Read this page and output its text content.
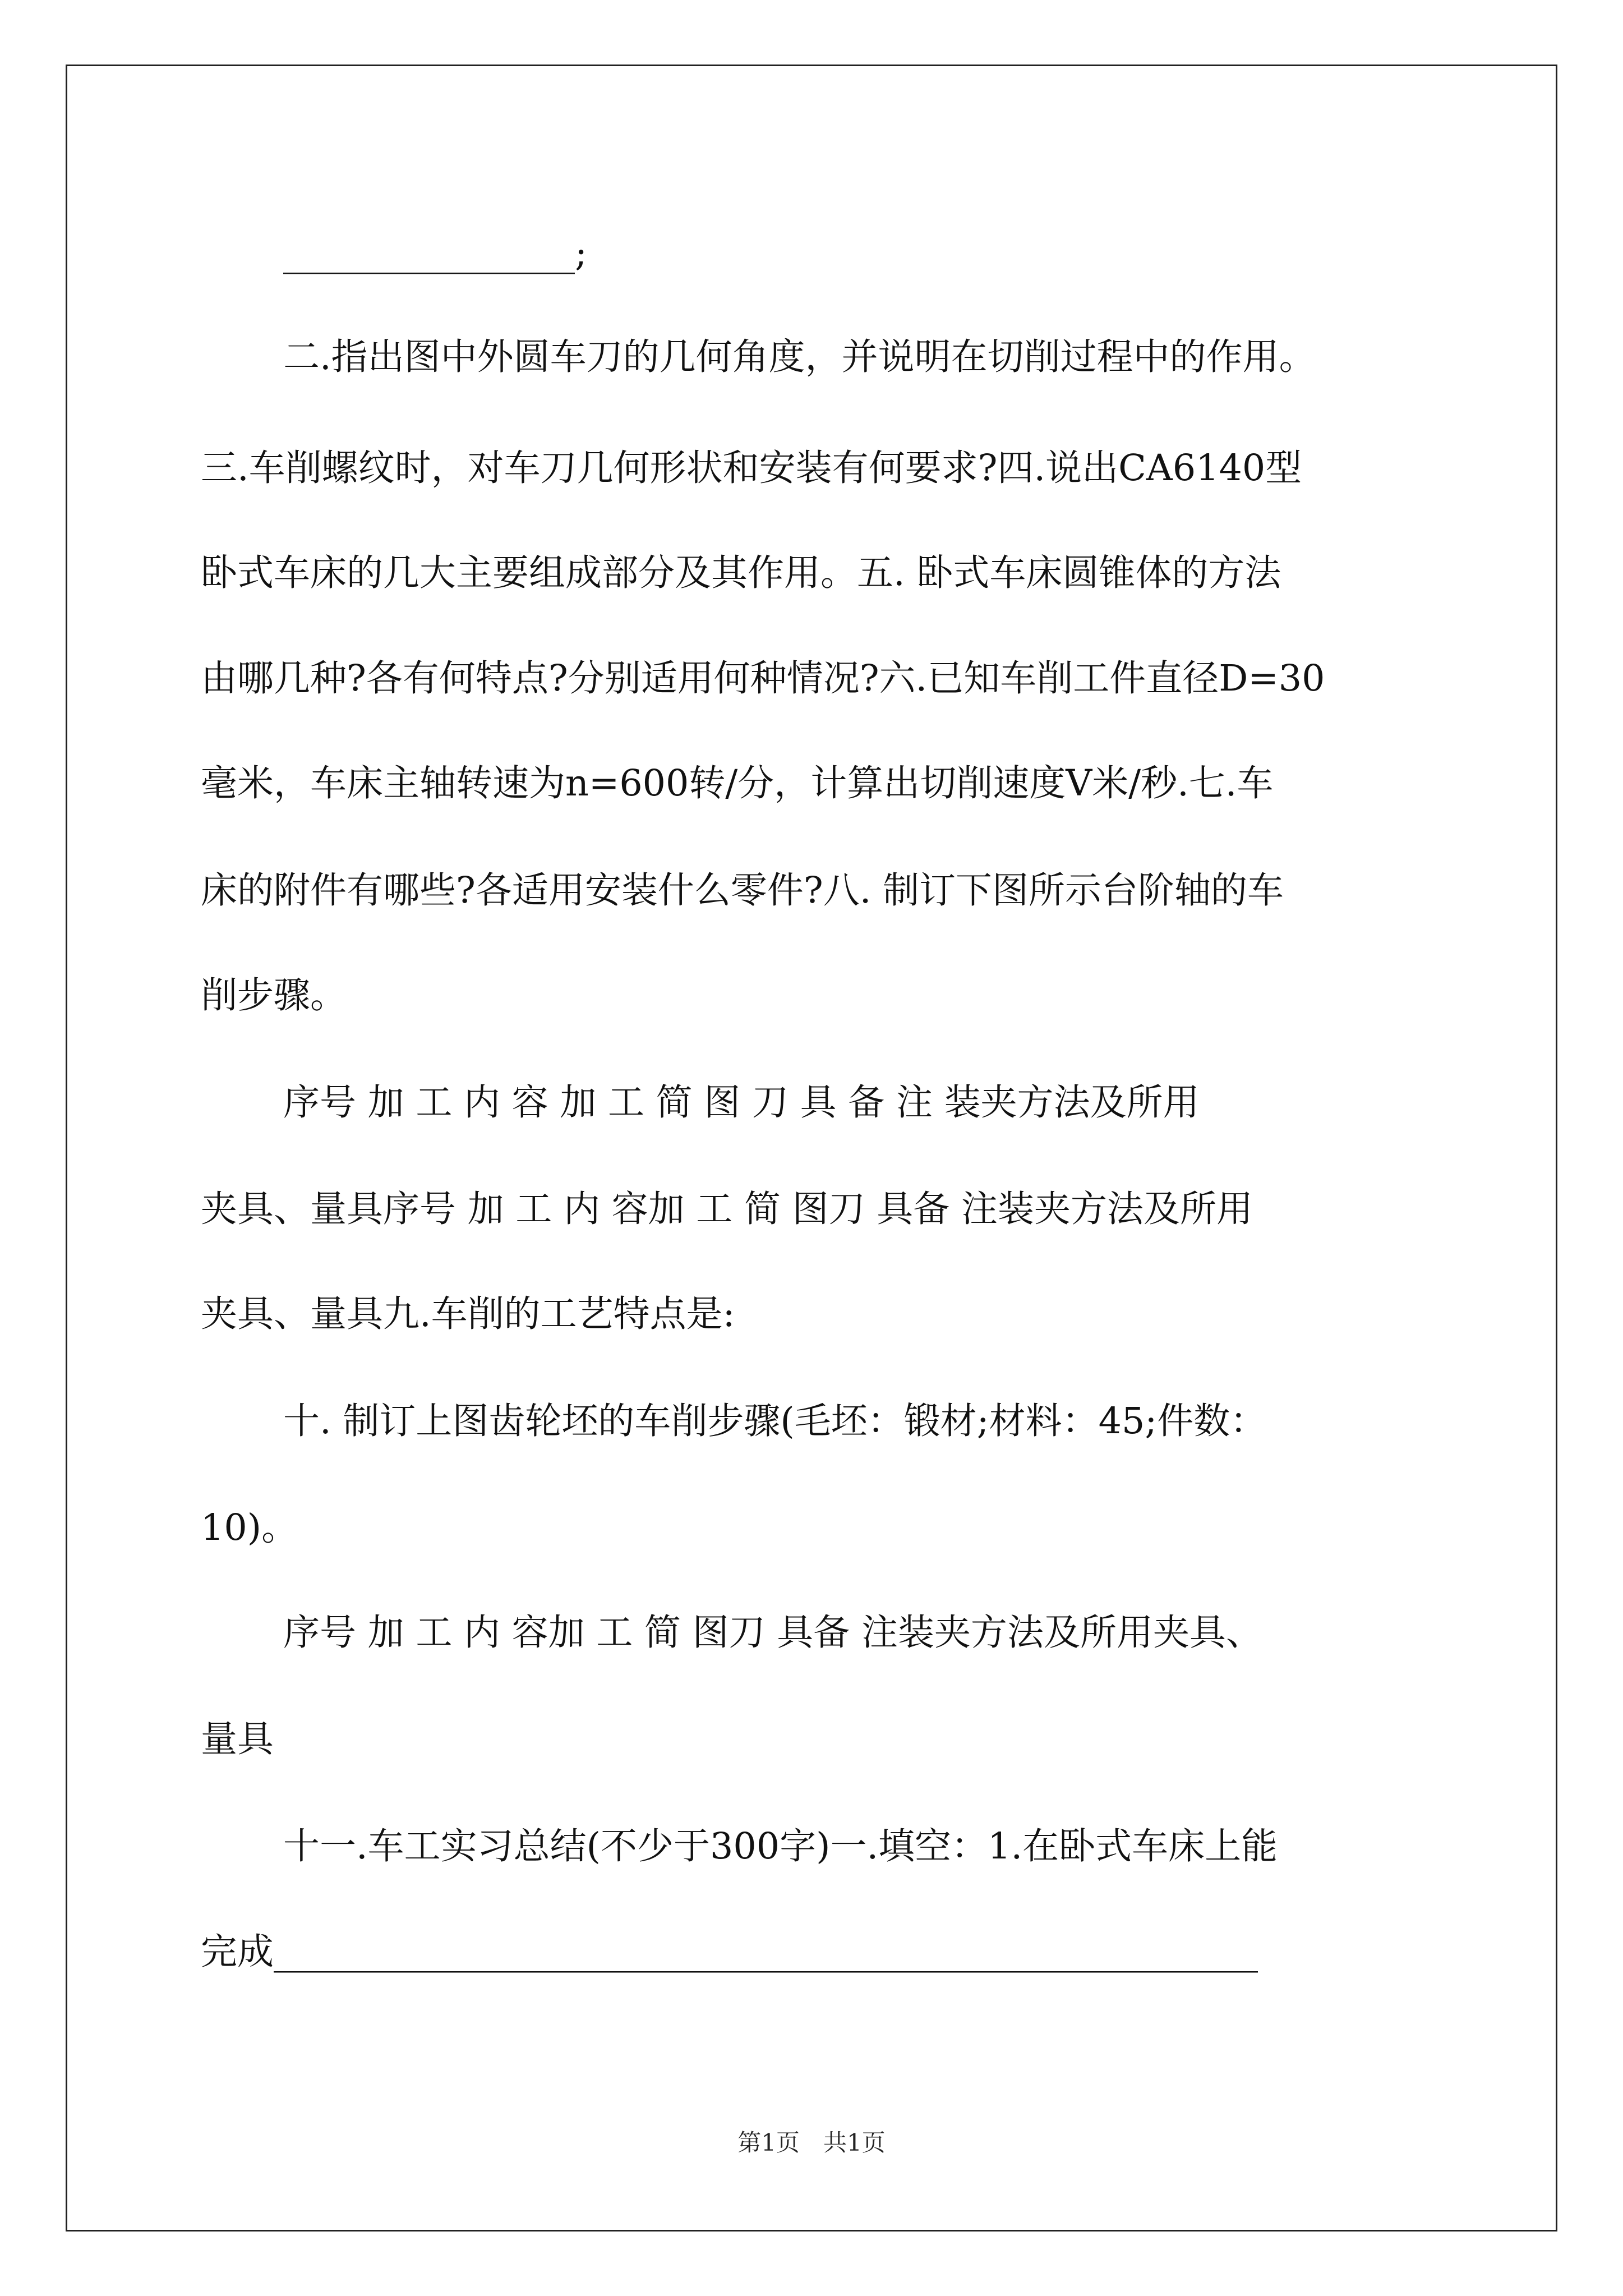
________________;
二.指出图中外圆车刀的几何角度，并说明在切削过程中的作用。
三.车削螺纹时，对车刀几何形状和安装有何要求?四.说出CA6140型
卧式车床的几大主要组成部分及其作用。五. 卧式车床圆锥体的方法
由哪几种?各有何特点?分别适用何种情况?六.已知车削工件直径D=30
毫米，车床主轴转速为n=600转/分，计算出切削速度V米/秒.七.车
床的附件有哪些?各适用安装什么零件?八. 制订下图所示台阶轴的车
削步骤。
序号 加 工 内 容 加 工 简 图 刀 具 备 注 装夹方法及所用
夹具、量具序号 加 工 内 容加 工 简 图刀 具备 注装夹方法及所用
夹具、量具九.车削的工艺特点是:
十. 制订上图齿轮坯的车削步骤(毛坯：锻材;材料：45;件数：
10)。
序号 加 工 内 容加 工 简 图刀 具备 注装夹方法及所用夹具、
量具
十一.车工实习总结(不少于300字)一.填空：1.在卧式车床上能
完成______________________________________________________
第1页　共1页
